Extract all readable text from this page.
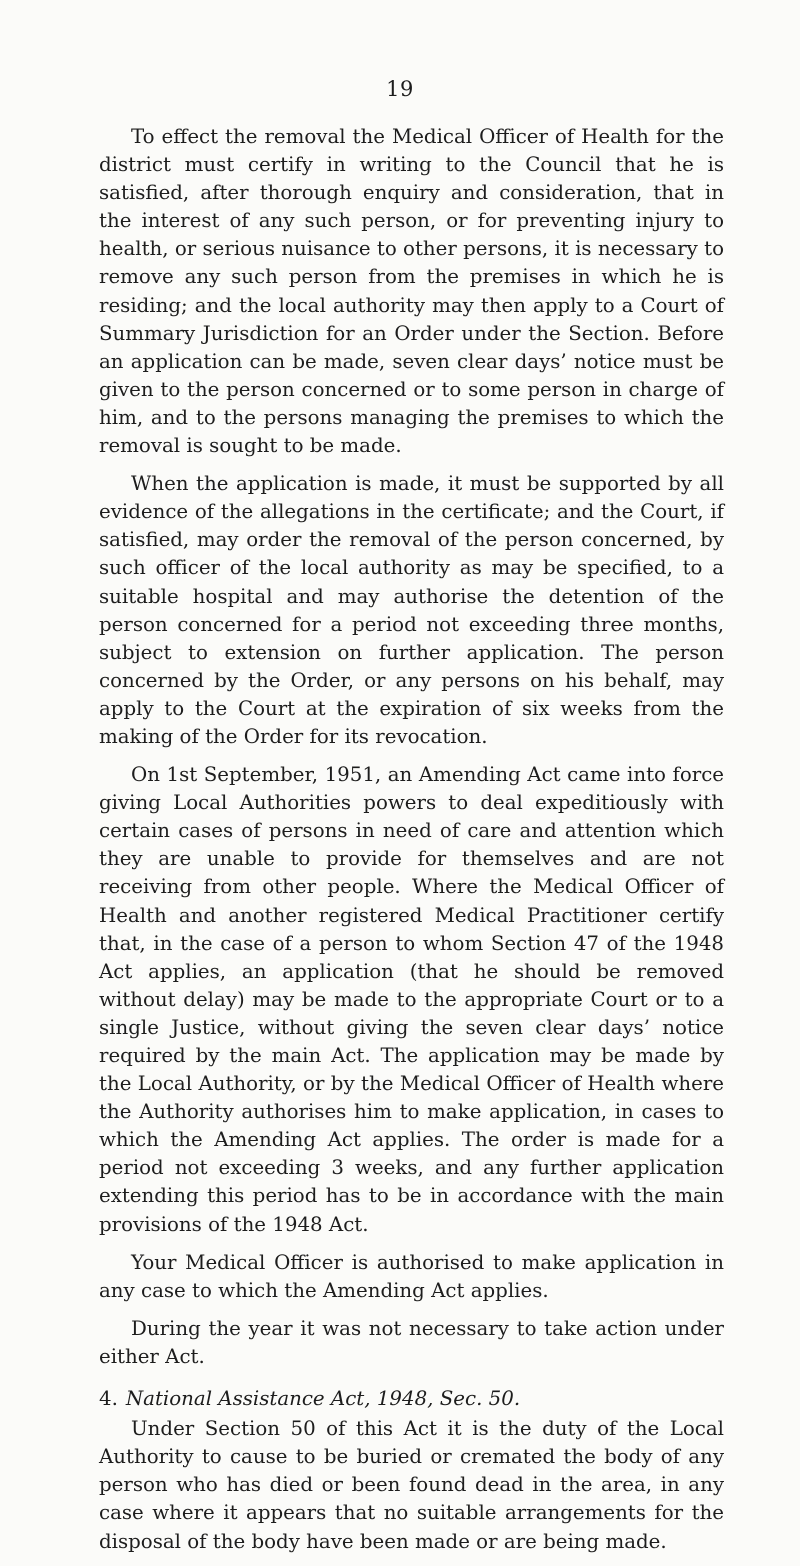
19

To effect the removal the Medical Officer of Health for the district must certify in writing to the Council that he is satisfied, after thorough enquiry and consideration, that in the interest of any such person, or for preventing injury to health, or serious nuisance to other persons, it is necessary to remove any such person from the premises in which he is residing; and the local authority may then apply to a Court of Summary Jurisdiction for an Order under the Section. Before an application can be made, seven clear days’ notice must be given to the person concerned or to some person in charge of him, and to the persons managing the premises to which the removal is sought to be made.

When the application is made, it must be supported by all evidence of the allegations in the certificate; and the Court, if satisfied, may order the removal of the person concerned, by such officer of the local authority as may be specified, to a suitable hospital and may authorise the detention of the person concerned for a period not exceeding three months, subject to extension on further application. The person concerned by the Order, or any persons on his behalf, may apply to the Court at the expiration of six weeks from the making of the Order for its revocation.

On 1st September, 1951, an Amending Act came into force giving Local Authorities powers to deal expeditiously with certain cases of persons in need of care and attention which they are unable to provide for themselves and are not receiving from other people. Where the Medical Officer of Health and another registered Medical Practitioner certify that, in the case of a person to whom Section 47 of the 1948 Act applies, an application (that he should be removed without delay) may be made to the appropriate Court or to a single Justice, without giving the seven clear days’ notice required by the main Act. The application may be made by the Local Authority, or by the Medical Officer of Health where the Authority authorises him to make application, in cases to which the Amending Act applies. The order is made for a period not exceeding 3 weeks, and any further application extending this period has to be in accordance with the main provisions of the 1948 Act.

Your Medical Officer is authorised to make application in any case to which the Amending Act applies.

During the year it was not necessary to take action under either Act.

4. National Assistance Act, 1948, Sec. 50.

Under Section 50 of this Act it is the duty of the Local Authority to cause to be buried or cremated the body of any person who has died or been found dead in the area, in any case where it appears that no suitable arrangements for the disposal of the body have been made or are being made.
